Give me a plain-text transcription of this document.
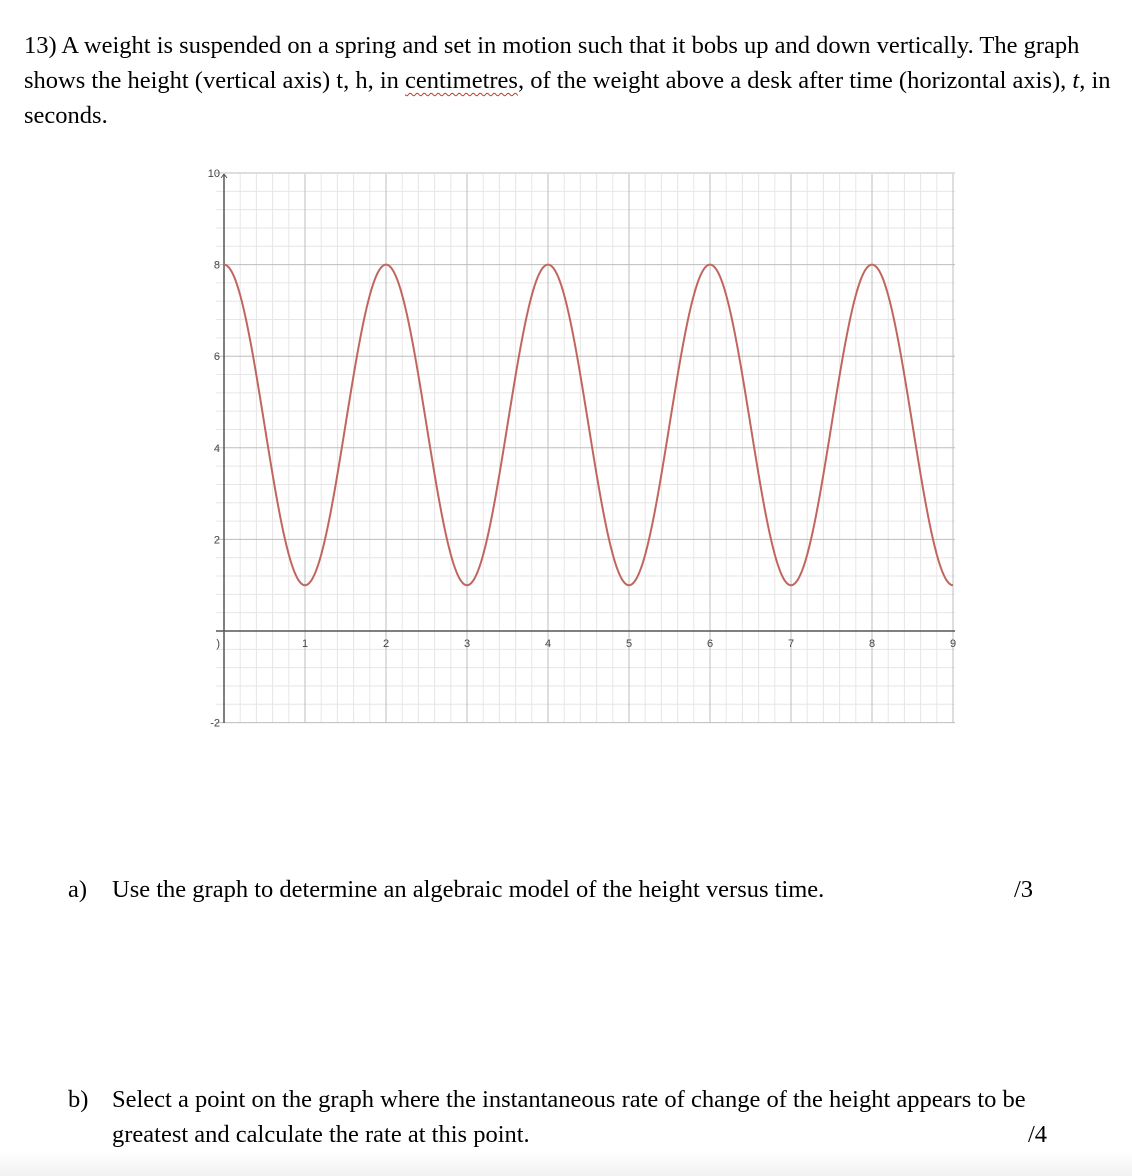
13) A weight is suspended on a spring and set in motion such that it bobs up and down vertically. The graph shows the height (vertical axis) t, h, in centimetres, of the weight above a desk after time (horizontal axis), t, in seconds.

1	2	3	4	5	6	7	8	9
10
8
6
4
2
-2
)
a) Use the graph to determine an algebraic model of the height versus time.	/3
b) Select a point on the graph where the instantaneous rate of change of the height appears to be
greatest and calculate the rate at this point.	/4
